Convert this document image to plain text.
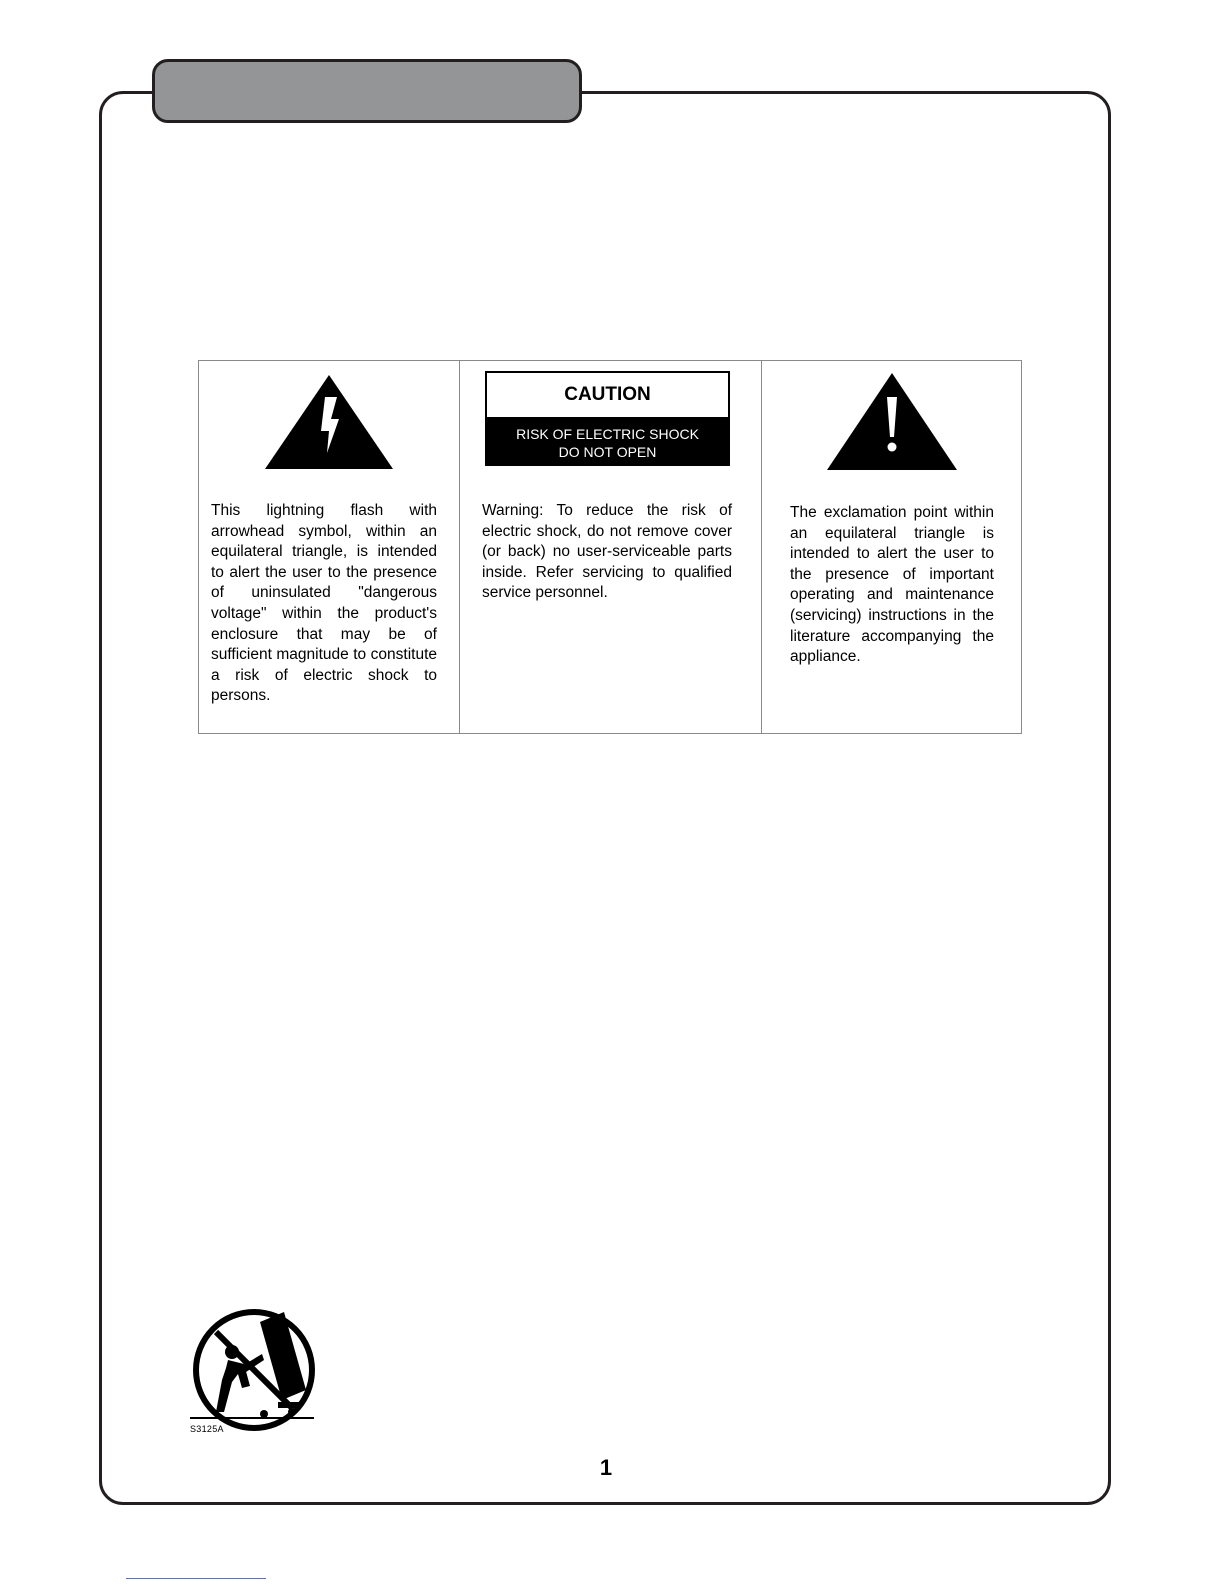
This lightning flash with arrowhead symbol, within an equilateral triangle, is intended to alert the user to the presence of uninsulated "dangerous voltage" within the product's enclosure that may be of sufficient magnitude to constitute a risk of electric shock to persons.
CAUTION
RISK OF ELECTRIC SHOCK
DO NOT OPEN
Warning: To reduce the risk of electric shock, do not remove cover (or back) no user-serviceable parts inside. Refer servicing to qualified service personnel.
The exclamation point within an equilateral triangle is intended to alert the user to the presence of important operating and maintenance (servicing) instructions in the literature accompanying the appliance.
S3125A
1
